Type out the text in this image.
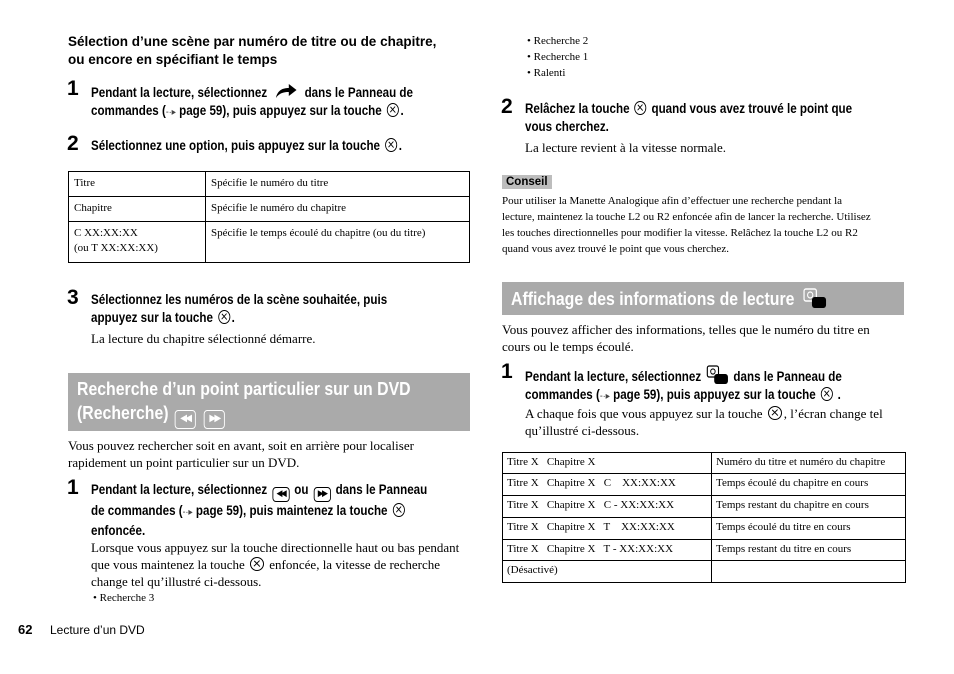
Sélection d’une scène par numéro de titre ou de chapitre,
ou encore en spécifiant le temps
1 Pendant la lecture, sélectionnez	dans le Panneau de
commandes (-·▸ page 59), puis appuyez sur la touche .
2 Sélectionnez une option, puis appuyez sur la touche .
Titre	Spécifie le numéro du titre
Chapitre	Spécifie le numéro du chapitre

C XX:XX:XX
(ou T XX:XX:XX)	Spécifie le temps écoulé du chapitre (ou du titre)
3 Sélectionnez les numéros de la scène souhaitée, puis
appuyez sur la touche .
La lecture du chapitre sélectionné démarre.
Recherche d’un point particulier sur un DVD
(Recherche) ◀◀ ▶▶
Vous pouvez rechercher soit en avant, soit en arrière pour localiser
rapidement un point particulier sur un DVD.
1 Pendant la lecture, sélectionnez ◀◀ ou ▶▶ dans le Panneau
de commandes (-·▸ page 59), puis maintenez la touche
enfoncée.
Lorsque vous appuyez sur la touche directionnelle haut ou bas pendant
que vous maintenez la touche enfoncée, la vitesse de recherche
change tel qu’illustré ci-dessous.
• Recherche 3
62 Lecture d’un DVD
• Recherche 2
• Recherche 1
• Ralenti
2 Relâchez la touche quand vous avez trouvé le point que
vous cherchez.
La lecture revient à la vitesse normale.
Conseil
Pour utiliser la Manette Analogique afin d’effectuer une recherche pendant la
lecture, maintenez la touche L2 ou R2 enfoncée afin de lancer la recherche. Utilisez
les touches directionnelles pour modifier la vitesse. Relâchez la touche L2 ou R2
quand vous avez trouvé le point que vous cherchez.
Affichage des informations de lecture
Vous pouvez afficher des informations, telles que le numéro du titre en
cours ou le temps écoulé.
1 Pendant la lecture, sélectionnez dans le Panneau de
commandes (-·▸ page 59), puis appuyez sur la touche .
A chaque fois que vous appuyez sur la touche , l’écran change tel
qu’illustré ci-dessous.
Titre X   Chapitre X	Numéro du titre et numéro du chapitre
Titre X   Chapitre X   C    XX:XX:XX	Temps écoulé du chapitre en cours
Titre X   Chapitre X   C - XX:XX:XX	Temps restant du chapitre en cours
Titre X   Chapitre X   T    XX:XX:XX	Temps écoulé du titre en cours
Titre X   Chapitre X   T - XX:XX:XX	Temps restant du titre en cours
(Désactivé)	
